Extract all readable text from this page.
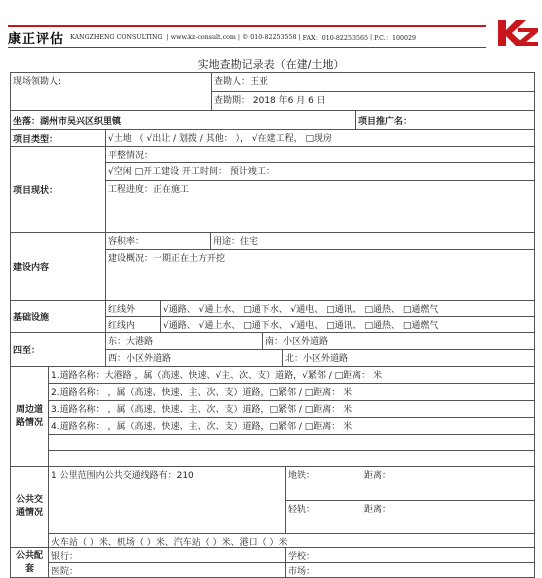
康正评估 KANGZHENG CONSULTING | www.kz-consult.com | © 010-82253558 | FAX：010-82253565 | P.C.：100029
实地查勘记录表（在建/土地）
现场领勘人:	查勘人：王亚
查勘期： 2018 年6 月 6 日
坐落：湖州市吴兴区织里镇	项目推广名：
项目类型：	√土地 （ √出让 / 划拨 / 其他： ）， √在建工程， □现房
项目现状：
平整情况：
√空闲 □开工建设 开工时间： 预计竣工：
工程进度：正在施工
建设内容
容积率：	用途：住宅
建设概况：一期正在土方开挖
基础设施
红线外	√通路、 √通上水、 □通下水、 √通电、 □通讯、 □通热、 □通燃气
红线内	√通路、 √通上水、 □通下水、 √通电、 □通讯、 □通热、 □通燃气
四至：
东：大港路	南：小区外道路
西：小区外道路	北：小区外道路
周边道路情况
1.道路名称：大港路 ，属（高速、快速、√主、次、支）道路，√紧邻 / □距离： 米
2.道路名称： ，属（高速、快速、主、次、支）道路，□紧邻 / □距离： 米
3.道路名称： ，属（高速、快速、主、次、支）道路，□紧邻 / □距离： 米
4.道路名称： ，属（高速、快速、主、次、支）道路，□紧邻 / □距离： 米
公共交通情况
1 公里范围内公共交通线路有：210	地铁：	距离：
轻轨：	距离：
火车站（ ）米、机场（ ）米、汽车站（ ）米、港口（ ）米
公共配套
银行：	学校：
医院：	市场：
